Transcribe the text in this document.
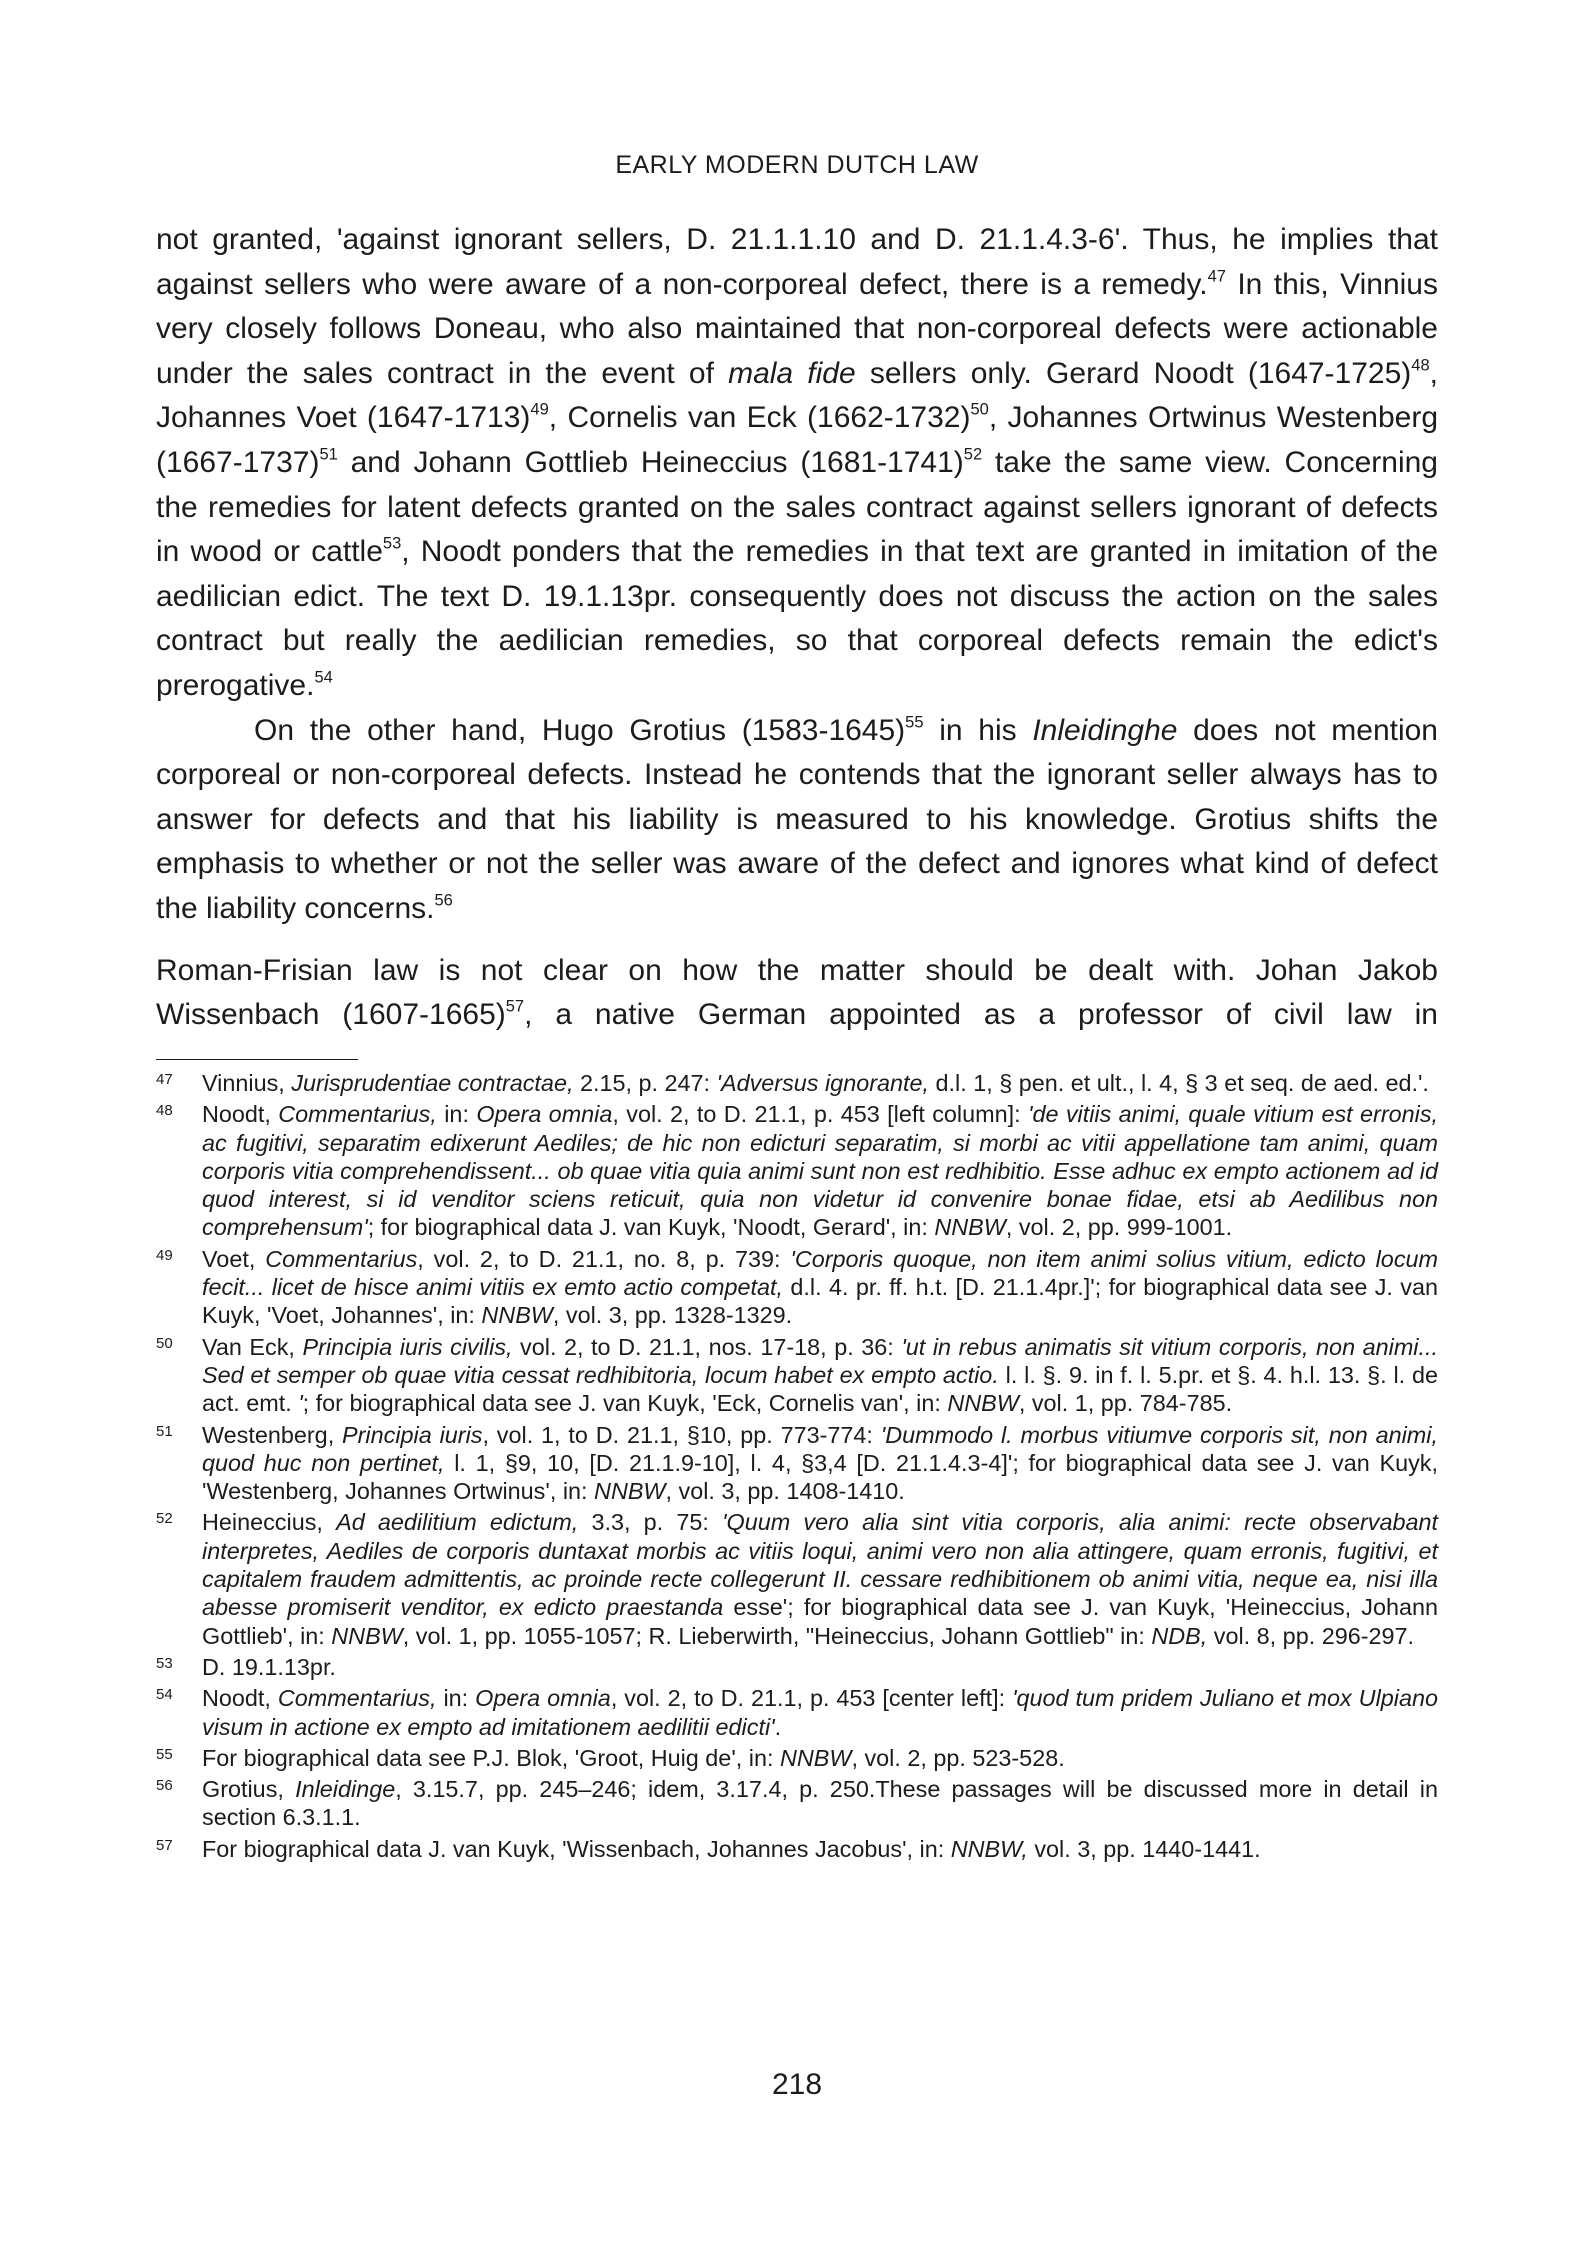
EARLY MODERN DUTCH LAW

not granted, 'against ignorant sellers, D. 21.1.1.10 and D. 21.1.4.3-6'. Thus, he implies that against sellers who were aware of a non-corporeal defect, there is a remedy.$^{47}$ In this, Vinnius very closely follows Doneau, who also maintained that non-corporeal defects were actionable under the sales contract in the event of mala fide sellers only. Gerard Noodt (1647-1725)$^{48}$, Johannes Voet (1647-1713)$^{49}$, Cornelis van Eck (1662-1732)$^{50}$, Johannes Ortwinus Westenberg (1667-1737)$^{51}$ and Johann Gottlieb Heineccius (1681-1741)$^{52}$ take the same view. Concerning the remedies for latent defects granted on the sales contract against sellers ignorant of defects in wood or cattle$^{53}$, Noodt ponders that the remedies in that text are granted in imitation of the aedilician edict. The text D. 19.1.13pr. consequently does not discuss the action on the sales contract but really the aedilician remedies, so that corporeal defects remain the edict's prerogative.$^{54}$

On the other hand, Hugo Grotius (1583-1645)$^{55}$ in his Inleidinghe does not mention corporeal or non-corporeal defects. Instead he contends that the ignorant seller always has to answer for defects and that his liability is measured to his knowledge. Grotius shifts the emphasis to whether or not the seller was aware of the defect and ignores what kind of defect the liability concerns.$^{56}$

Roman-Frisian law is not clear on how the matter should be dealt with. Johan Jakob Wissenbach (1607-1665)$^{57}$, a native German appointed as a professor of civil law in

47	Vinnius, Jurisprudentiae contractae, 2.15, p. 247: 'Adversus ignorante, d.l. 1, § pen. et ult., l. 4, § 3 et seq. de aed. ed.'.
48	Noodt, Commentarius, in: Opera omnia, vol. 2, to D. 21.1, p. 453 [left column]: 'de vitiis animi, quale vitium est erronis, ac fugitivi, separatim edixerunt Aediles; de hic non edicturi separatim, si morbi ac vitii appellatione tam animi, quam corporis vitia comprehendissent... ob quae vitia quia animi sunt non est redhibitio. Esse adhuc ex empto actionem ad id quod interest, si id venditor sciens reticuit, quia non videtur id convenire bonae fidae, etsi ab Aedilibus non comprehensum'; for biographical data J. van Kuyk, 'Noodt, Gerard', in: NNBW, vol. 2, pp. 999-1001.
49	Voet, Commentarius, vol. 2, to D. 21.1, no. 8, p. 739: 'Corporis quoque, non item animi solius vitium, edicto locum fecit... licet de hisce animi vitiis ex emto actio competat, d.l. 4. pr. ff. h.t. [D. 21.1.4pr.]'; for biographical data see J. van Kuyk, 'Voet, Johannes', in: NNBW, vol. 3, pp. 1328-1329.
50	Van Eck, Principia iuris civilis, vol. 2, to D. 21.1, nos. 17-18, p. 36: 'ut in rebus animatis sit vitium corporis, non animi... Sed et semper ob quae vitia cessat redhibitoria, locum habet ex empto actio. l. l. §. 9. in f. l. 5.pr. et §. 4. h.l. 13. §. l. de act. emt. '; for biographical data see J. van Kuyk, 'Eck, Cornelis van', in: NNBW, vol. 1, pp. 784-785.
51	Westenberg, Principia iuris, vol. 1, to D. 21.1, §10, pp. 773-774: 'Dummodo l. morbus vitiumve corporis sit, non animi, quod huc non pertinet, l. 1, §9, 10, [D. 21.1.9-10], l. 4, §3,4 [D. 21.1.4.3-4]'; for biographical data see J. van Kuyk, 'Westenberg, Johannes Ortwinus', in: NNBW, vol. 3, pp. 1408-1410.
52	Heineccius, Ad aedilitium edictum, 3.3, p. 75: 'Quum vero alia sint vitia corporis, alia animi: recte observabant interpretes, Aediles de corporis duntaxat morbis ac vitiis loqui, animi vero non alia attingere, quam erronis, fugitivi, et capitalem fraudem admittentis, ac proinde recte collegerunt II. cessare redhibitionem ob animi vitia, neque ea, nisi illa abesse promiserit venditor, ex edicto praestanda esse'; for biographical data see J. van Kuyk, 'Heineccius, Johann Gottlieb', in: NNBW, vol. 1, pp. 1055-1057; R. Lieberwirth, "Heineccius, Johann Gottlieb" in: NDB, vol. 8, pp. 296-297.
53	D. 19.1.13pr.
54	Noodt, Commentarius, in: Opera omnia, vol. 2, to D. 21.1, p. 453 [center left]: 'quod tum pridem Juliano et mox Ulpiano visum in actione ex empto ad imitationem aedilitii edicti'.
55	For biographical data see P.J. Blok, 'Groot, Huig de', in: NNBW, vol. 2, pp. 523-528.
56	Grotius, Inleidinge, 3.15.7, pp. 245–246; idem, 3.17.4, p. 250.These passages will be discussed more in detail in section 6.3.1.1.
57	For biographical data J. van Kuyk, 'Wissenbach, Johannes Jacobus', in: NNBW, vol. 3, pp. 1440-1441.
218
